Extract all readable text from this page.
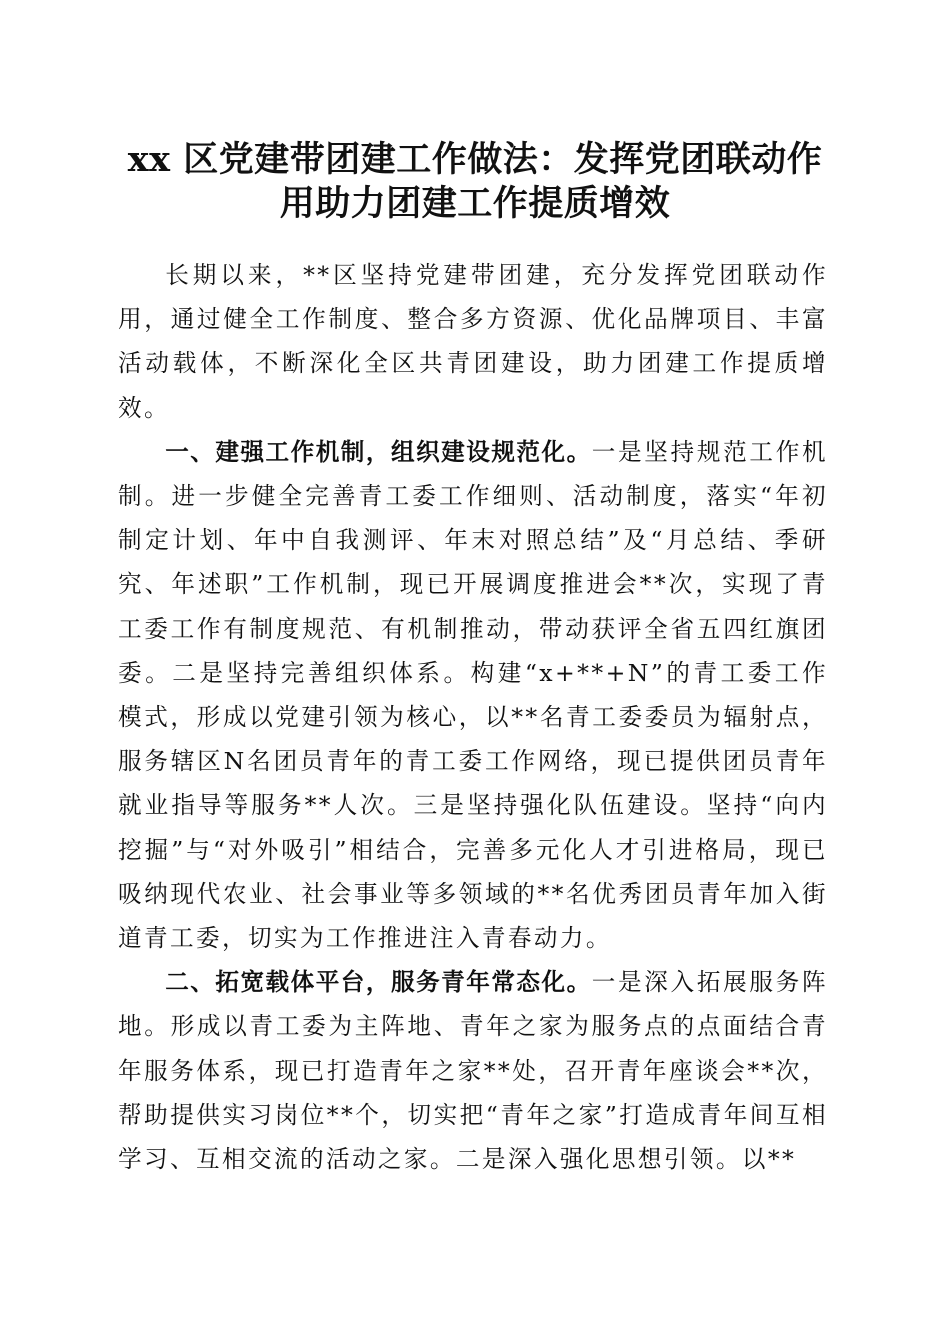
xx 区党建带团建工作做法：发挥党团联动作
用助力团建工作提质增效

长期以来，**区坚持党建带团建，充分发挥党团联动作用，通过健全工作制度、整合多方资源、优化品牌项目、丰富活动载体，不断深化全区共青团建设，助力团建工作提质增效。

一、建强工作机制，组织建设规范化。一是坚持规范工作机制。进一步健全完善青工委工作细则、活动制度，落实“年初制定计划、年中自我测评、年末对照总结”及“月总结、季研究、年述职”工作机制，现已开展调度推进会**次，实现了青工委工作有制度规范、有机制推动，带动获评全省五四红旗团委。二是坚持完善组织体系。构建“x+**+N”的青工委工作模式，形成以党建引领为核心，以**名青工委委员为辐射点，服务辖区N名团员青年的青工委工作网络，现已提供团员青年就业指导等服务**人次。三是坚持强化队伍建设。坚持“向内挖掘”与“对外吸引”相结合，完善多元化人才引进格局，现已吸纳现代农业、社会事业等多领域的**名优秀团员青年加入街道青工委，切实为工作推进注入青春动力。

二、拓宽载体平台，服务青年常态化。一是深入拓展服务阵地。形成以青工委为主阵地、青年之家为服务点的点面结合青年服务体系，现已打造青年之家**处，召开青年座谈会**次，帮助提供实习岗位**个，切实把“青年之家”打造成青年间互相学习、互相交流的活动之家。二是深入强化思想引领。以**
